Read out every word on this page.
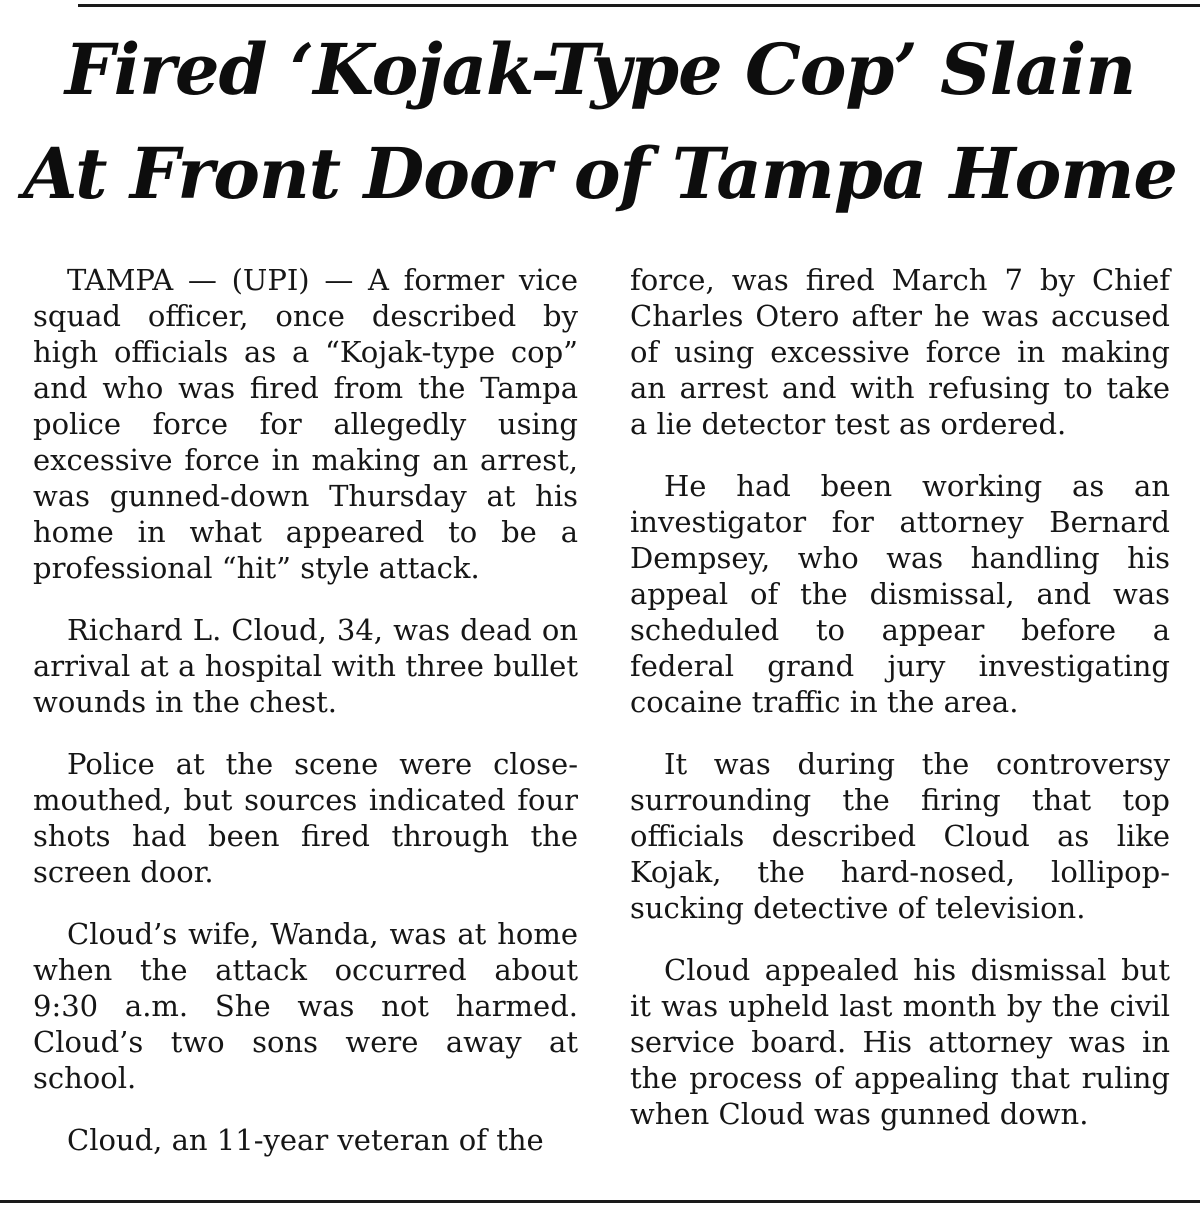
Fired ‘Kojak-Type Cop’ Slain
At Front Door of Tampa Home

TAMPA — (UPI) — A former vice squad officer, once described by high officials as a “Kojak-type cop” and who was fired from the Tampa police force for allegedly using excessive force in making an arrest, was gunned-down Thursday at his home in what appeared to be a professional “hit” style attack.

Richard L. Cloud, 34, was dead on arrival at a hospital with three bullet wounds in the chest.

Police at the scene were close-mouthed, but sources indicated four shots had been fired through the screen door.

Cloud’s wife, Wanda, was at home when the attack occurred about 9:30 a.m. She was not harmed. Cloud’s two sons were away at school.

Cloud, an 11-year veteran of the

force, was fired March 7 by Chief Charles Otero after he was accused of using excessive force in making an arrest and with refusing to take a lie detector test as ordered.

He had been working as an investigator for attorney Bernard Dempsey, who was handling his appeal of the dismissal, and was scheduled to appear before a federal grand jury investigating cocaine traffic in the area.

It was during the controversy surrounding the firing that top officials described Cloud as like Kojak, the hard-nosed, lollipop-sucking detective of television.

Cloud appealed his dismissal but it was upheld last month by the civil service board. His attorney was in the process of appealing that ruling when Cloud was gunned down.
